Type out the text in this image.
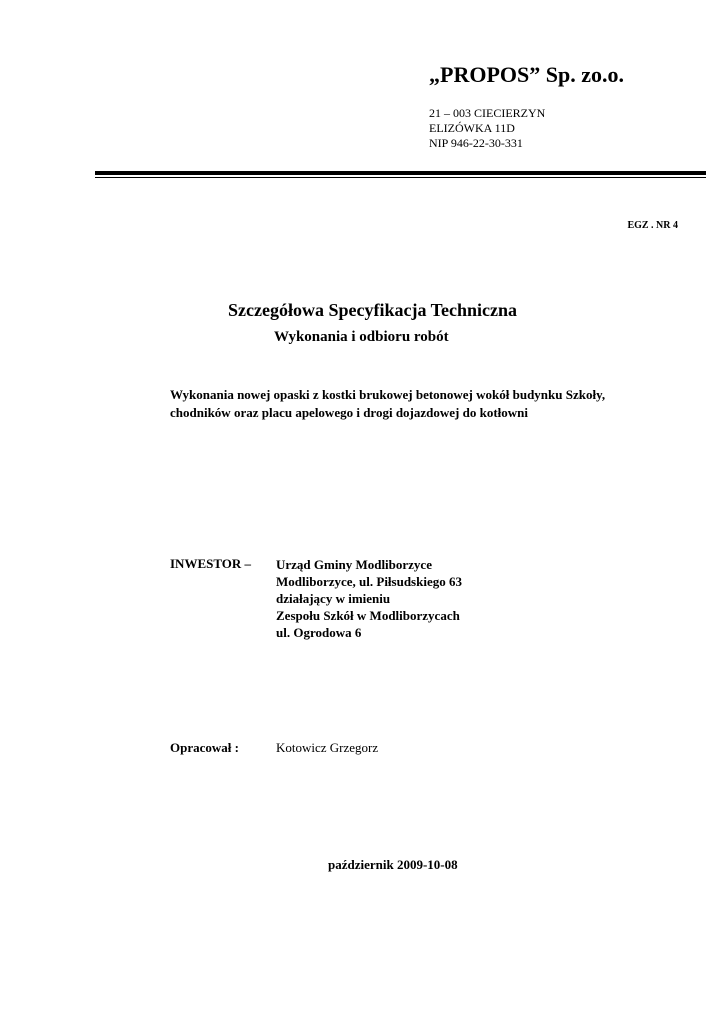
„PROPOS” Sp. zo.o.
21 – 003 CIECIERZYN
ELIZÓWKA 11D
NIP 946-22-30-331
EGZ . NR 4
Szczegółowa Specyfikacja Techniczna
Wykonania i odbioru robót
Wykonania nowej opaski z kostki brukowej betonowej wokół budynku Szkoły,
chodników oraz placu apelowego i drogi dojazdowej do kotłowni
INWESTOR – Urząd Gminy Modliborzyce
Modliborzyce, ul. Piłsudskiego 63
działający w imieniu
Zespołu Szkół w Modliborzycach
ul. Ogrodowa 6
Opracował :	Kotowicz Grzegorz
październik 2009-10-08
